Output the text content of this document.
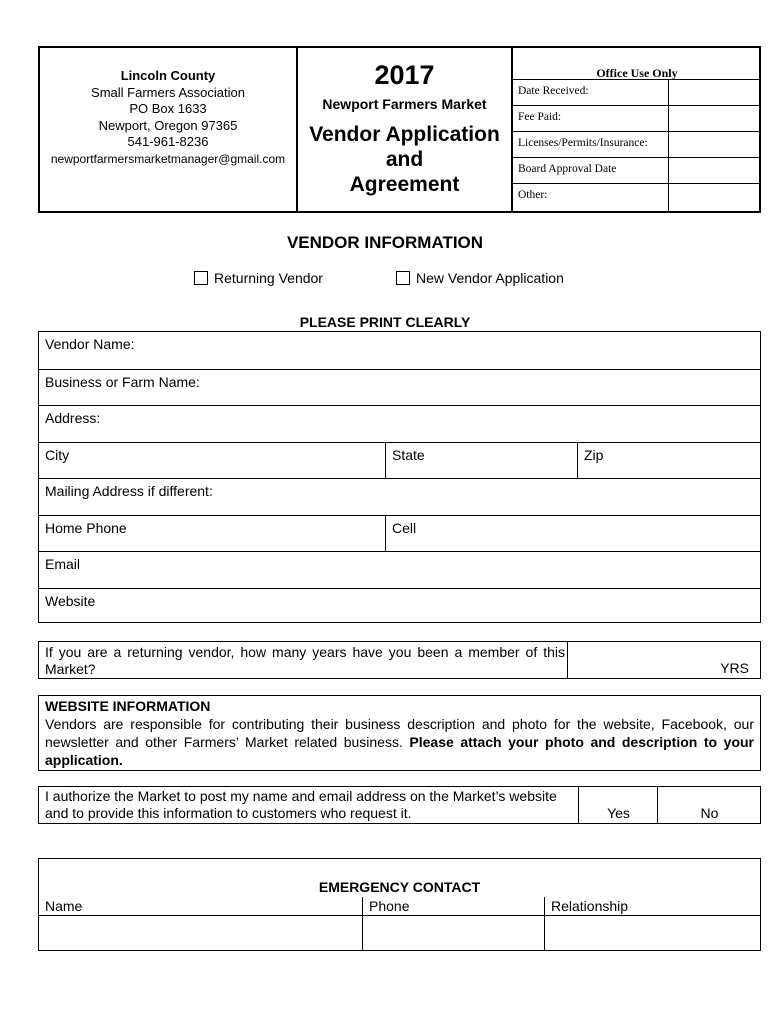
Lincoln County
Small Farmers Association
PO Box 1633
Newport, Oregon 97365
541-961-8236
newportfarmersmarketmanager@gmail.com
2017
Newport Farmers Market
Vendor Application
and
Agreement
Office Use Only
Date Received:
Fee Paid:
Licenses/Permits/Insurance:
Board Approval Date
Other:
VENDOR INFORMATION
Returning Vendor	New Vendor Application
PLEASE PRINT CLEARLY
Vendor Name:
Business or Farm Name:
Address:
City	State	Zip
Mailing Address if different:
Home Phone	Cell
Email
Website
If you are a returning vendor, how many years have you been a member of this Market?	YRS
WEBSITE INFORMATION
Vendors are responsible for contributing their business description and photo for the website, Facebook, our newsletter and other Farmers’ Market related business. Please attach your photo and description to your application.
I authorize the Market to post my name and email address on the Market’s website and to provide this information to customers who request it.	Yes	No
EMERGENCY CONTACT
Name	Phone	Relationship
